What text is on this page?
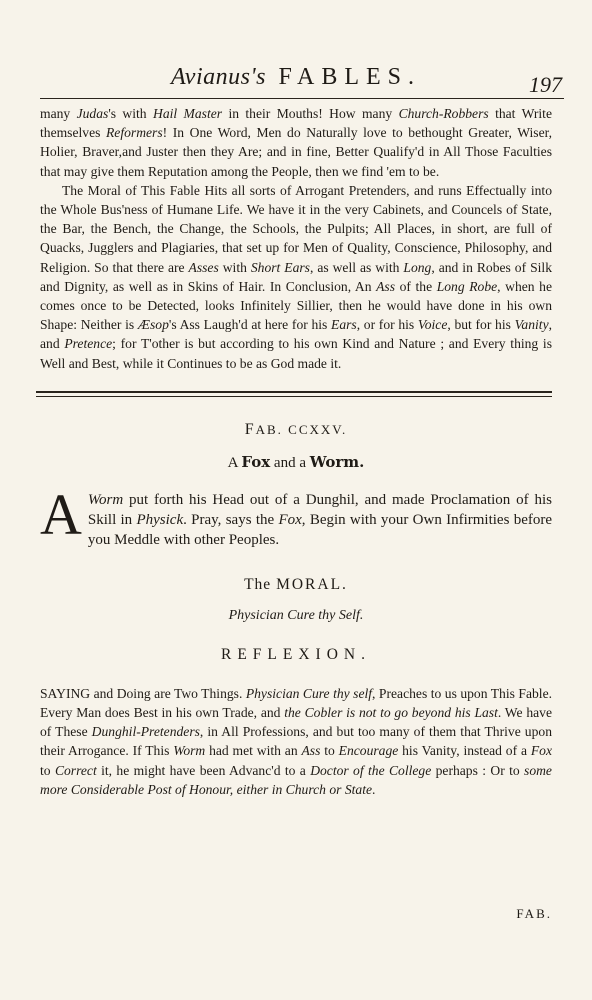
Avianus's FABLES.	197

many Judas's with Hail Master in their Mouths! How many Church-Robbers that Write themselves Reformers! In One Word, Men do Naturally love to bethought Greater, Wiser, Holier, Braver,and Juster then they Are; and in fine, Better Qualify'd in All Those Faculties that may give them Reputation among the People, then we find 'em to be.

The Moral of This Fable Hits all sorts of Arrogant Pretenders, and runs Effectually into the Whole Bus'ness of Humane Life. We have it in the very Cabinets, and Councels of State, the Bar, the Bench, the Change, the Schools, the Pulpits; All Places, in short, are full of Quacks, Jugglers and Plagiaries, that set up for Men of Quality, Conscience, Philosophy, and Religion. So that there are Asses with Short Ears, as well as with Long, and in Robes of Silk and Dignity, as well as in Skins of Hair. In Conclusion, An Ass of the Long Robe, when he comes once to be Detected, looks Infinitely Sillier, then he would have done in his own Shape: Neither is Æsop's Ass Laugh'd at here for his Ears, or for his Voice, but for his Vanity, and Pretence; for T'other is but according to his own Kind and Nature ; and Every thing is Well and Best, while it Continues to be as God made it.

FAB. CCXXV.
A Fox and a Worm.
A Worm put forth his Head out of a Dunghil, and made Proclamation of his Skill in Physick. Pray, says the Fox, Begin with your Own Infirmities before you Meddle with other Peoples.
The MORAL.
Physician Cure thy Self.
REFLEXION.

SAYING and Doing are Two Things. Physician Cure thy self, Preaches to us upon This Fable. Every Man does Best in his own Trade, and the Cobler is not to go beyond his Last. We have of These Dunghil-Pretenders, in All Professions, and but too many of them that Thrive upon their Arrogance. If This Worm had met with an Ass to Encourage his Vanity, instead of a Fox to Correct it, he might have been Advanc'd to a Doctor of the College perhaps : Or to some more Considerable Post of Honour, either in Church or State.

FAB.
